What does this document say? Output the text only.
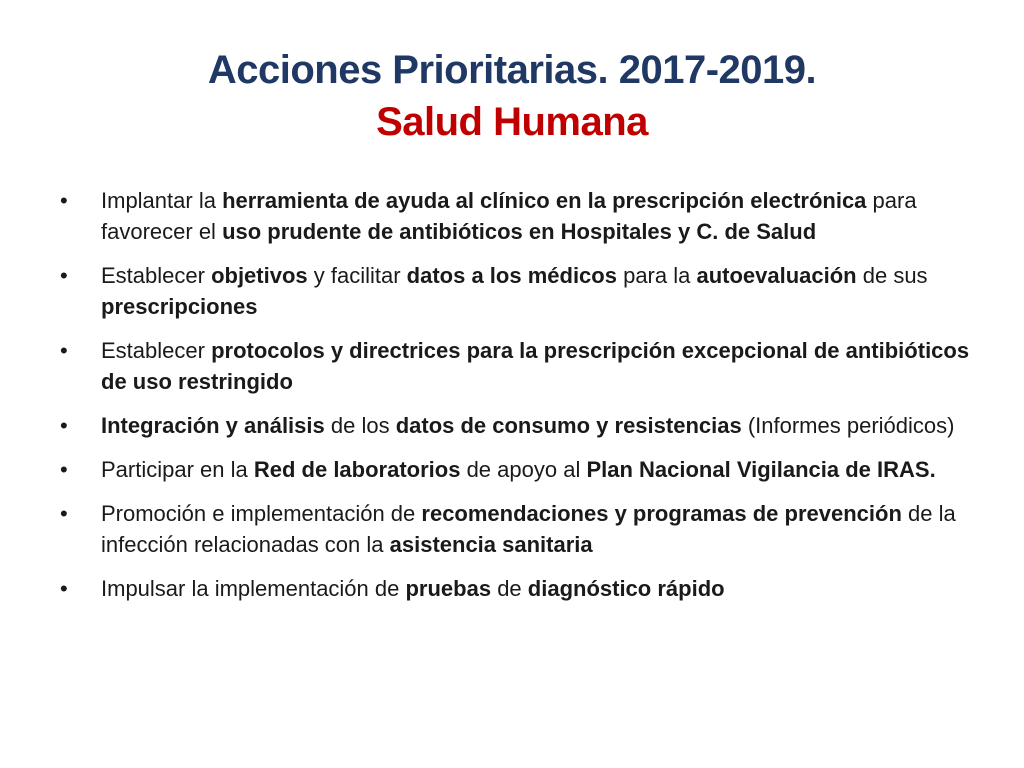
Acciones Prioritarias. 2017-2019.
Salud Humana
•	Implantar la herramienta de ayuda al clínico en la prescripción electrónica para favorecer el uso prudente de antibióticos en Hospitales y C. de Salud
•	Establecer objetivos y facilitar datos a los médicos para la autoevaluación de sus prescripciones
•	Establecer protocolos y directrices para la prescripción excepcional de antibióticos de uso restringido
•	Integración y análisis de los datos de consumo y resistencias (Informes periódicos)
•	Participar en la Red de laboratorios de apoyo al Plan Nacional Vigilancia de IRAS.
•	Promoción e implementación de recomendaciones y programas de prevención de la infección relacionadas con la asistencia sanitaria
•	Impulsar la implementación de pruebas de diagnóstico rápido
